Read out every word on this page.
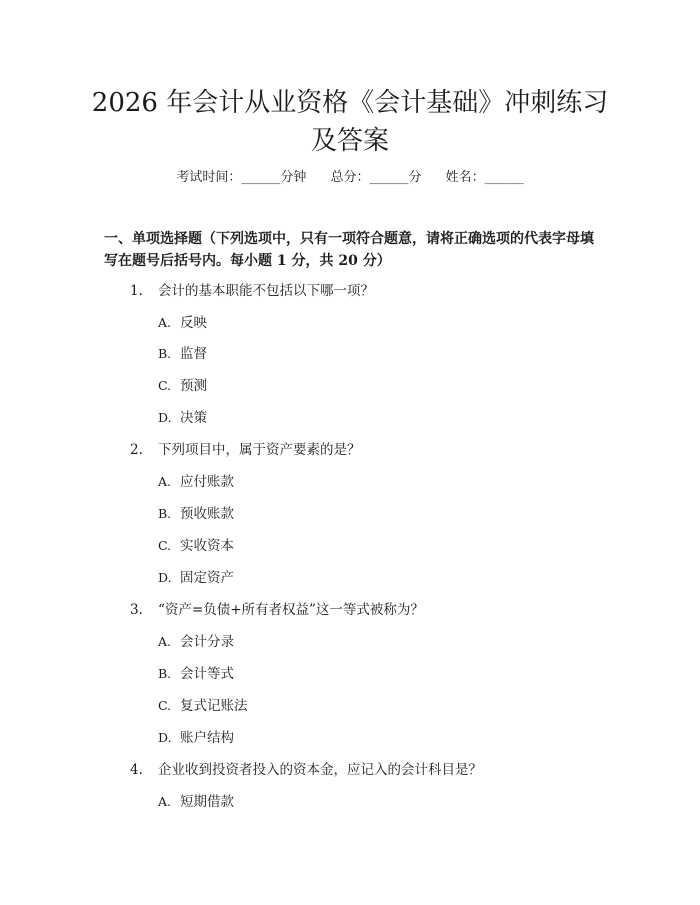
2026 年会计从业资格《会计基础》冲刺练习
及答案
考试时间：______分钟 总分：______分 姓名：______
一、单项选择题（下列选项中，只有一项符合题意，请将正确选项的代表字母填
写在题号后括号内。每小题 1 分，共 20 分）
1. 会计的基本职能不包括以下哪一项？
A. 反映
B. 监督
C. 预测
D. 决策
2. 下列项目中，属于资产要素的是？
A. 应付账款
B. 预收账款
C. 实收资本
D. 固定资产
3. “资产=负债+所有者权益”这一等式被称为？
A. 会计分录
B. 会计等式
C. 复式记账法
D. 账户结构
4. 企业收到投资者投入的资本金，应记入的会计科目是？
A. 短期借款
